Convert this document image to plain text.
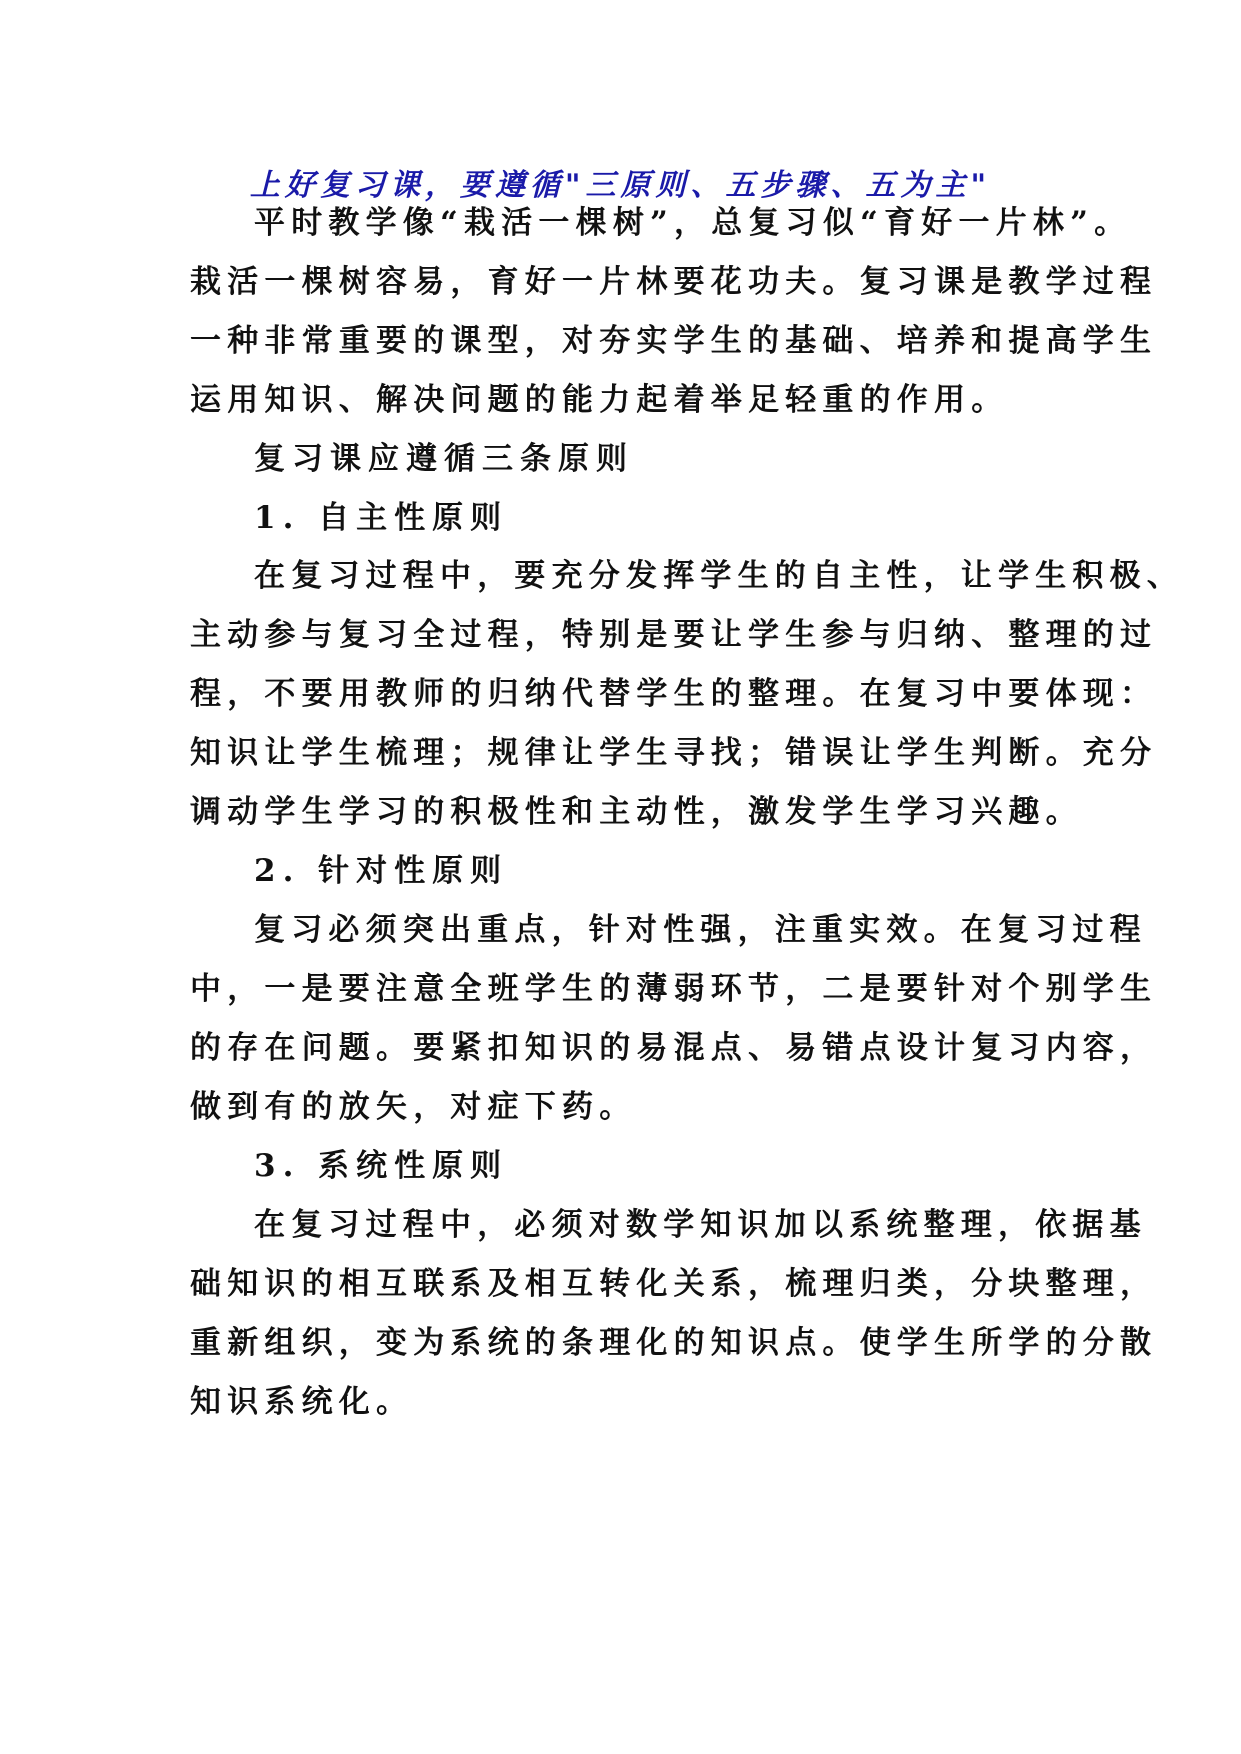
上好复习课，要遵循"三原则、五步骤、五为主"
平时教学像“栽活一棵树”，总复习似“育好一片林”。
栽活一棵树容易，育好一片林要花功夫。复习课是教学过程
一种非常重要的课型，对夯实学生的基础、培养和提高学生
运用知识、解决问题的能力起着举足轻重的作用。
复习课应遵循三条原则
1. 自主性原则
在复习过程中，要充分发挥学生的自主性，让学生积极、
主动参与复习全过程，特别是要让学生参与归纳、整理的过
程，不要用教师的归纳代替学生的整理。在复习中要体现：
知识让学生梳理；规律让学生寻找；错误让学生判断。充分
调动学生学习的积极性和主动性，激发学生学习兴趣。
2. 针对性原则
复习必须突出重点，针对性强，注重实效。在复习过程
中，一是要注意全班学生的薄弱环节，二是要针对个别学生
的存在问题。要紧扣知识的易混点、易错点设计复习内容，
做到有的放矢，对症下药。
3. 系统性原则
在复习过程中，必须对数学知识加以系统整理，依据基
础知识的相互联系及相互转化关系，梳理归类，分块整理，
重新组织，变为系统的条理化的知识点。使学生所学的分散
知识系统化。
